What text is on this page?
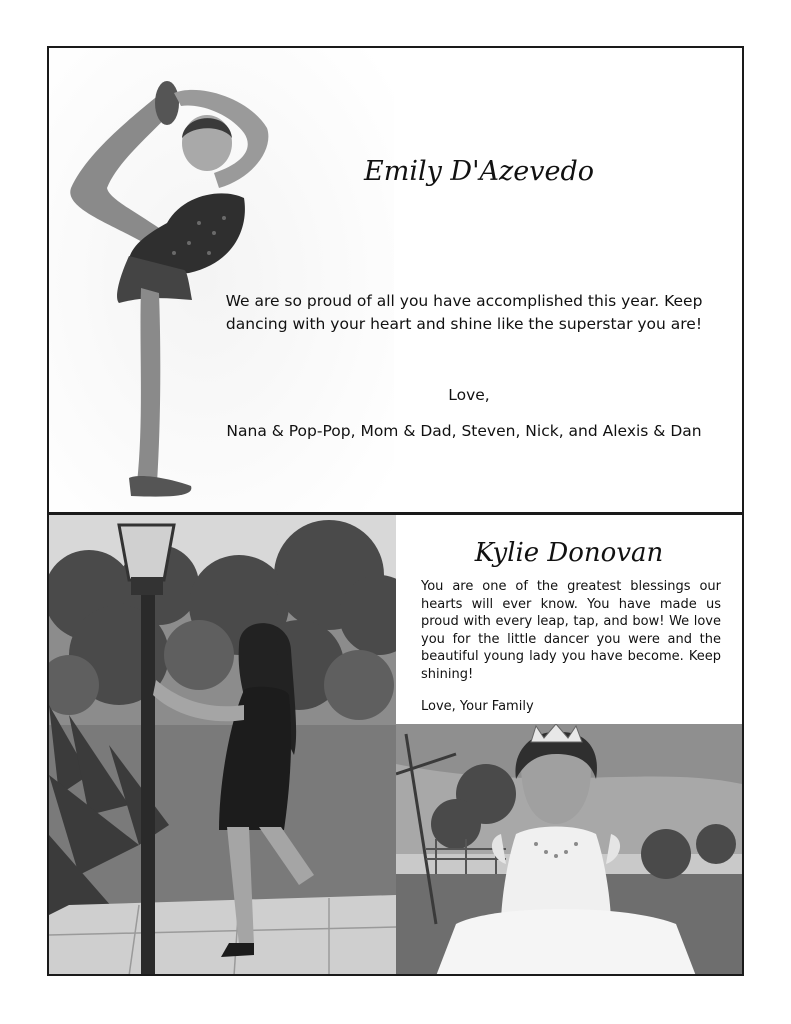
Emily D'Azevedo
We are so proud of all you have accomplished this year. Keep dancing with your heart and shine like the superstar you are!
Love,
Nana & Pop-Pop, Mom & Dad, Steven, Nick, and Alexis & Dan
Kylie Donovan
You are one of the greatest blessings our hearts will ever know. You have made us proud with every leap, tap, and bow! We love you for the little dancer you were and the beautiful young lady you have become. Keep shining!
Love, Your Family
